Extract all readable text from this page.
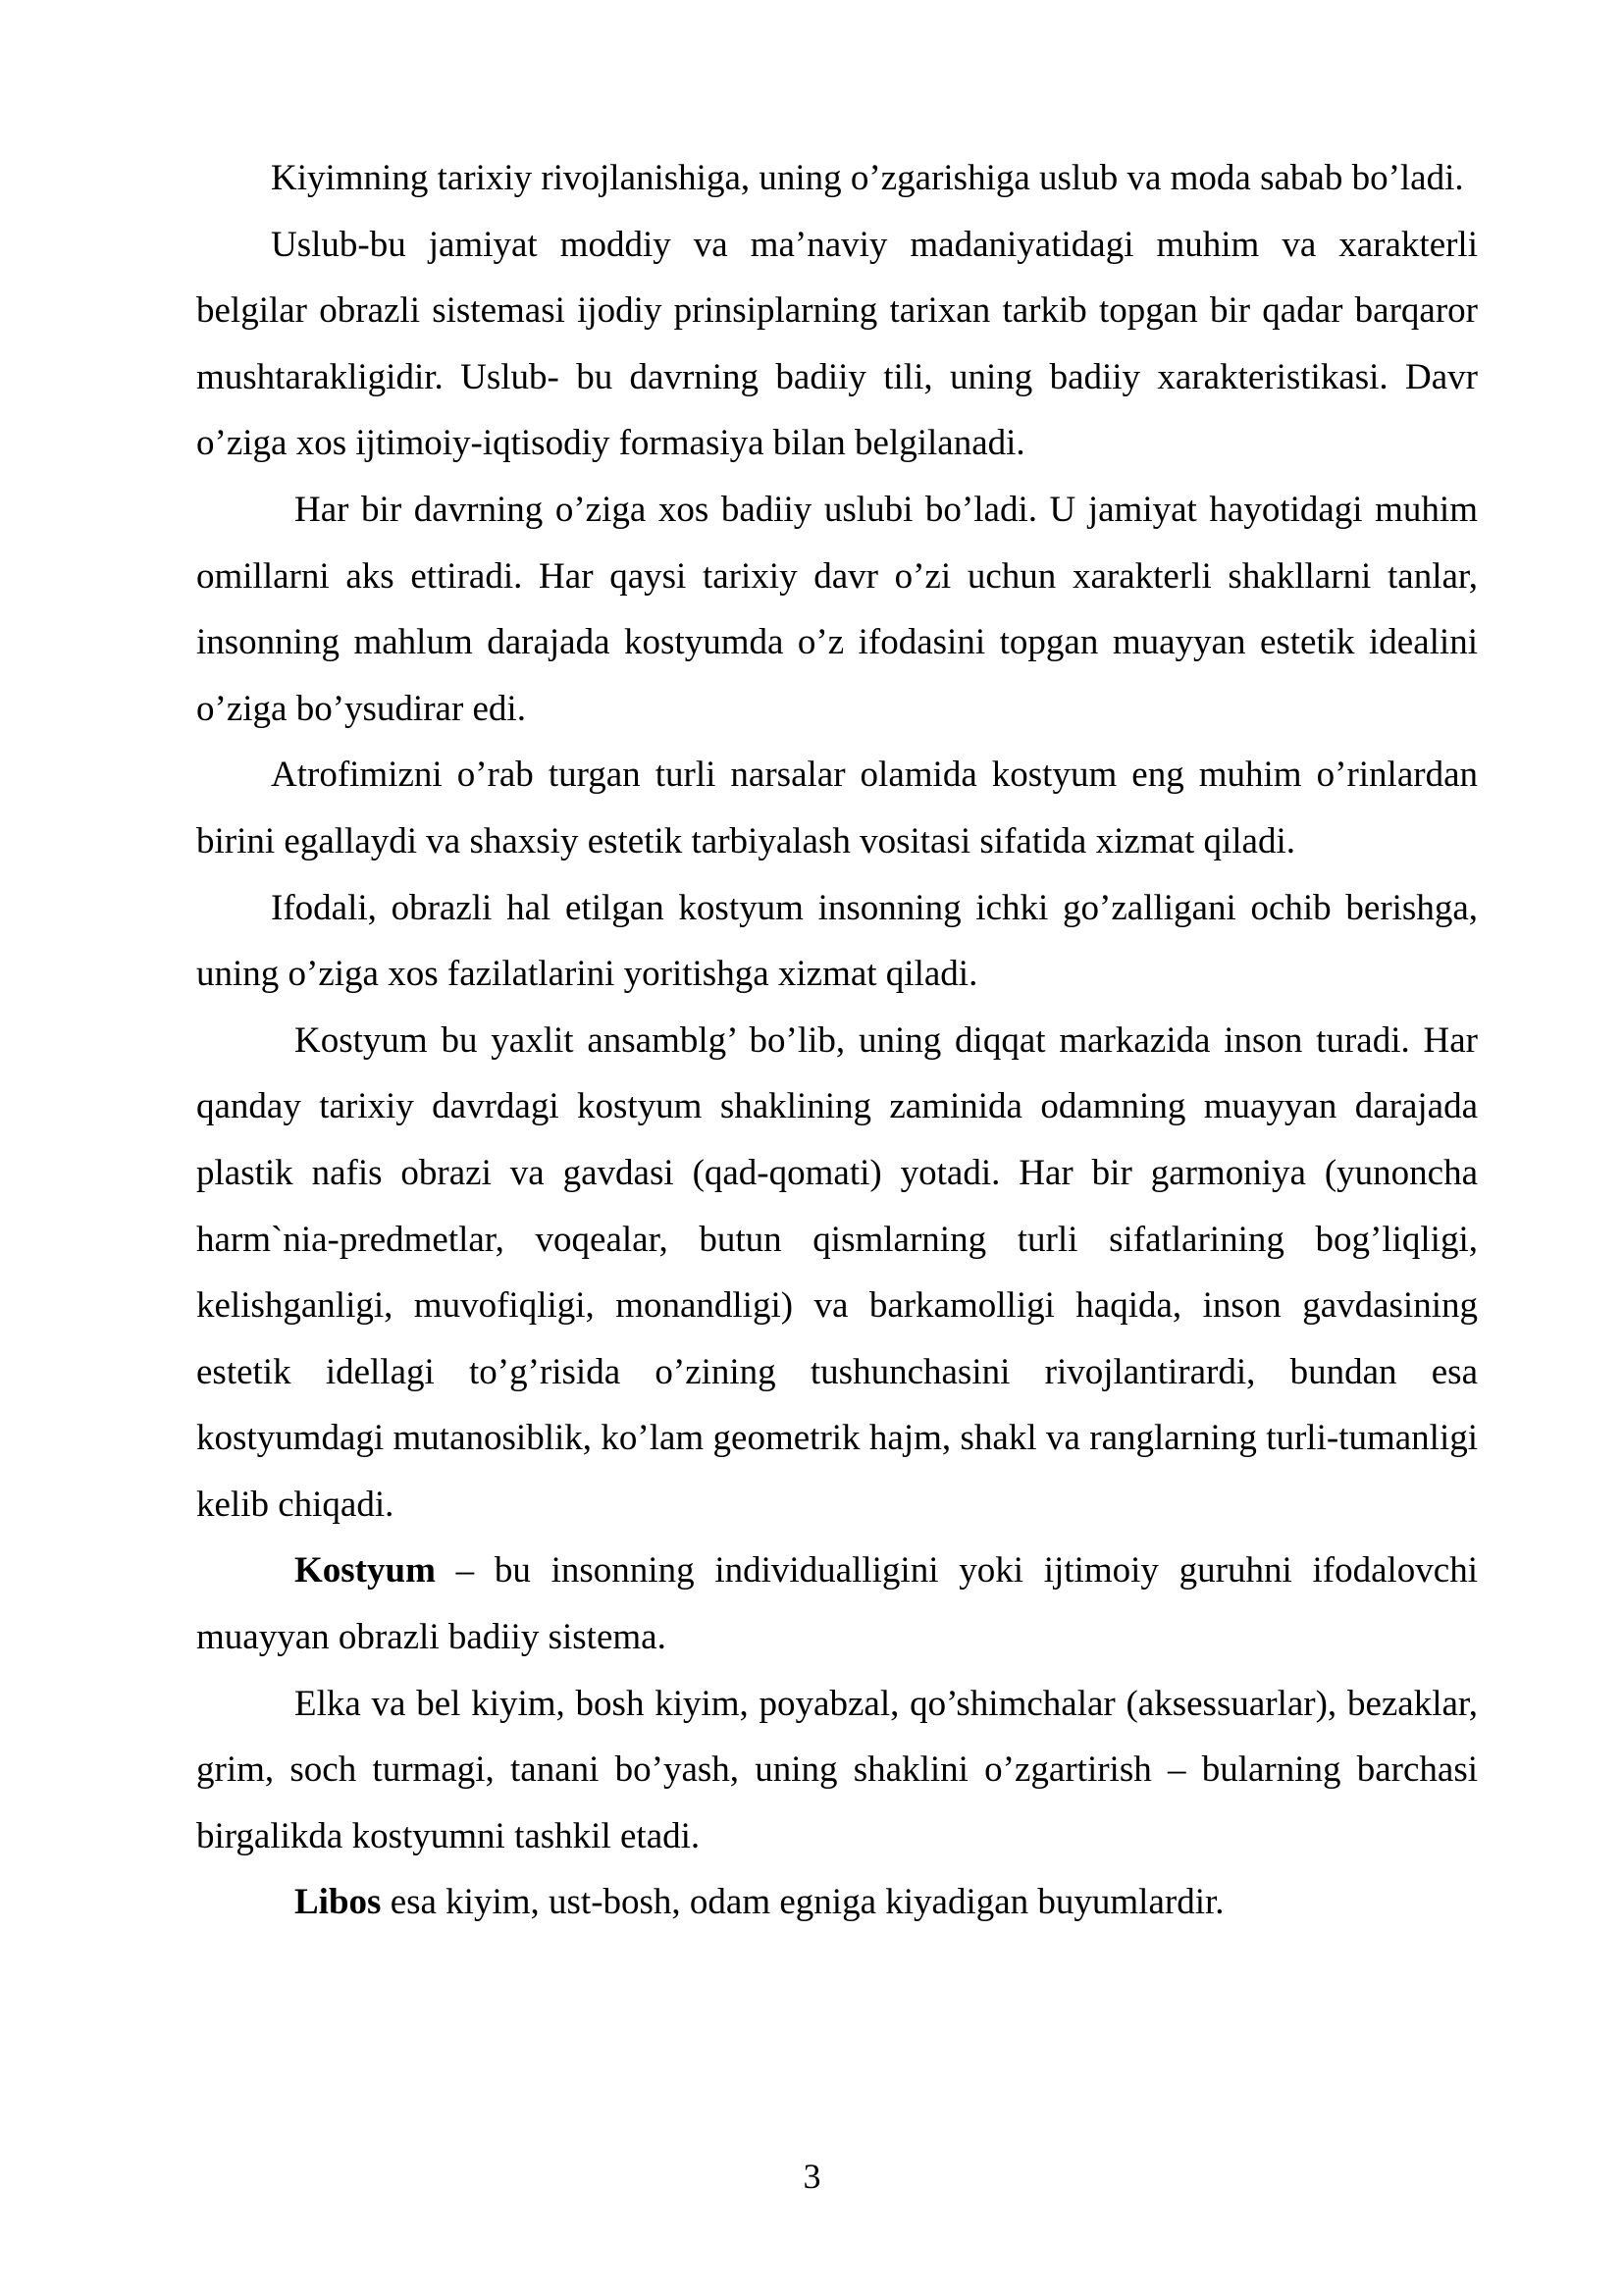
Kiyimning tarixiy rivojlanishiga, uning o’zgarishiga uslub va moda sabab bo’ladi.

Uslub-bu jamiyat moddiy va ma’naviy madaniyatidagi muhim va xarakterli belgilar obrazli sistemasi ijodiy prinsiplarning tarixan tarkib topgan bir qadar barqaror mushtarakligidir. Uslub- bu davrning badiiy tili, uning badiiy xarakteristikasi. Davr o’ziga xos ijtimoiy-iqtisodiy formasiya bilan belgilanadi.

Har bir davrning o’ziga xos badiiy uslubi bo’ladi. U jamiyat hayotidagi muhim omillarni aks ettiradi. Har qaysi tarixiy davr o’zi uchun xarakterli shakllarni tanlar, insonning mahlum darajada kostyumda o’z ifodasini topgan muayyan estetik idealini o’ziga bo’ysudirar edi.

Atrofimizni o’rab turgan turli narsalar olamida kostyum eng muhim o’rinlardan birini egallaydi va shaxsiy estetik tarbiyalash vositasi sifatida xizmat qiladi.

Ifodali, obrazli hal etilgan kostyum insonning ichki go’zalligani ochib berishga, uning o’ziga xos fazilatlarini yoritishga xizmat qiladi.

Kostyum bu yaxlit ansamblg’ bo’lib, uning diqqat markazida inson turadi. Har qanday tarixiy davrdagi kostyum shaklining zaminida odamning muayyan darajada plastik nafis obrazi va gavdasi (qad-qomati) yotadi. Har bir garmoniya (yunoncha harm`nia-predmetlar, voqealar, butun qismlarning turli sifatlarining bog’liqligi, kelishganligi, muvofiqligi, monandligi) va barkamolligi haqida, inson gavdasining estetik idellagi to’g’risida o’zining tushunchasini rivojlantirardi, bundan esa kostyumdagi mutanosiblik, ko’lam geometrik hajm, shakl va ranglarning turli-tumanligi kelib chiqadi.

Kostyum – bu insonning individualligini yoki ijtimoiy guruhni ifodalovchi muayyan obrazli badiiy sistema.

Elka va bel kiyim, bosh kiyim, poyabzal, qo’shimchalar (aksessuarlar), bezaklar, grim, soch turmagi, tanani bo’yash, uning shaklini o’zgartirish – bularning barchasi birgalikda kostyumni tashkil etadi.

Libos esa kiyim, ust-bosh, odam egniga kiyadigan buyumlardir.

3
